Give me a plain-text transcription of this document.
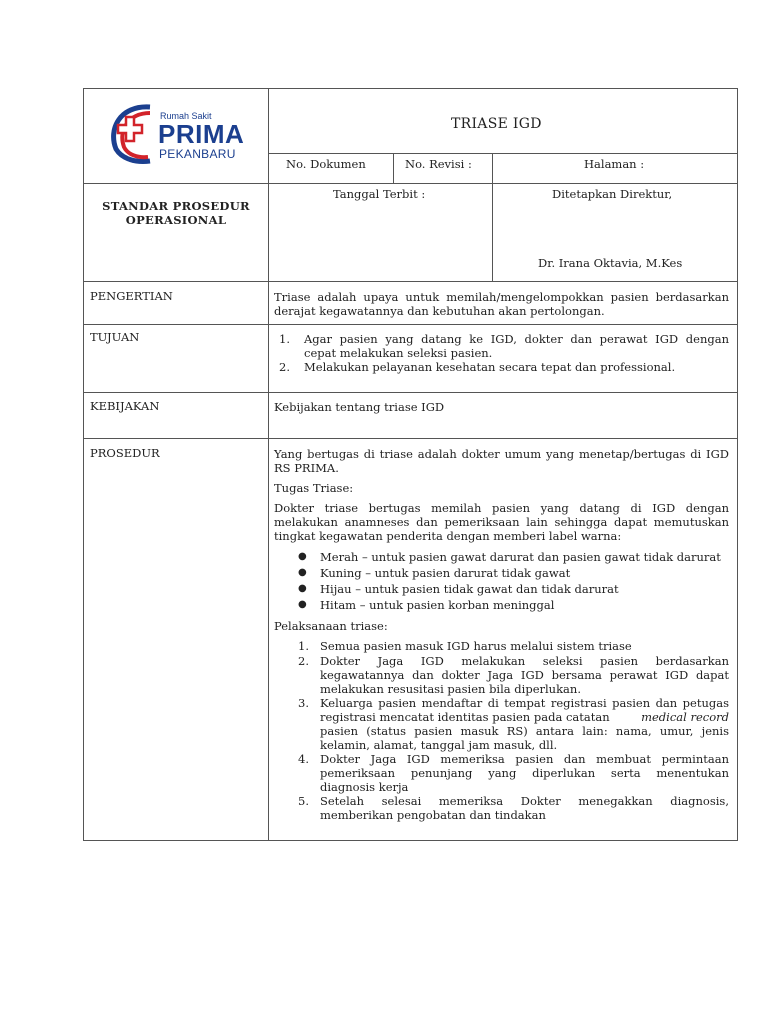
Rumah Sakit
PRIMA
PEKANBARU
TRIASE IGD
No. Dokumen	No. Revisi :	Halaman :
STANDAR PROSEDUR
OPERASIONAL
Tanggal Terbit :	Ditetapkan Direktur,
Dr. Irana Oktavia, M.Kes
PENGERTIAN	Triase adalah upaya untuk memilah/mengelompokkan pasien berdasarkan
derajat kegawatannya dan kebutuhan akan pertolongan.
TUJUAN	1. Agar pasien yang datang ke IGD, dokter dan perawat IGD dengan
cepat melakukan seleksi pasien.
2. Melakukan pelayanan kesehatan secara tepat dan professional.
KEBIJAKAN	Kebijakan tentang triase IGD
PROSEDUR	Yang bertugas di triase adalah dokter umum yang menetap/bertugas di IGD
RS PRIMA.
Tugas Triase:
Dokter triase bertugas memilah pasien yang datang di IGD dengan
melakukan anamneses dan pemeriksaan lain sehingga dapat memutuskan
tingkat kegawatan penderita dengan memberi label warna:
● Merah – untuk pasien gawat darurat dan pasien gawat tidak darurat
● Kuning – untuk pasien darurat tidak gawat
● Hijau – untuk pasien tidak gawat dan tidak darurat
● Hitam – untuk pasien korban meninggal
Pelaksanaan triase:
1. Semua pasien masuk IGD harus melalui sistem triase
2. Dokter Jaga IGD melakukan seleksi pasien berdasarkan
kegawatannya dan dokter Jaga IGD bersama perawat IGD dapat
melakukan resusitasi pasien bila diperlukan.
3. Keluarga pasien mendaftar di tempat registrasi pasien dan petugas
registrasi mencatat identitas pasien pada catatan	medical record
pasien (status pasien masuk RS) antara lain: nama, umur, jenis
kelamin, alamat, tanggal jam masuk, dll.
4. Dokter Jaga IGD memeriksa pasien dan membuat permintaan
pemeriksaan penunjang yang diperlukan serta menentukan
diagnosis kerja
5. Setelah selesai memeriksa Dokter menegakkan diagnosis,
memberikan pengobatan dan tindakan
